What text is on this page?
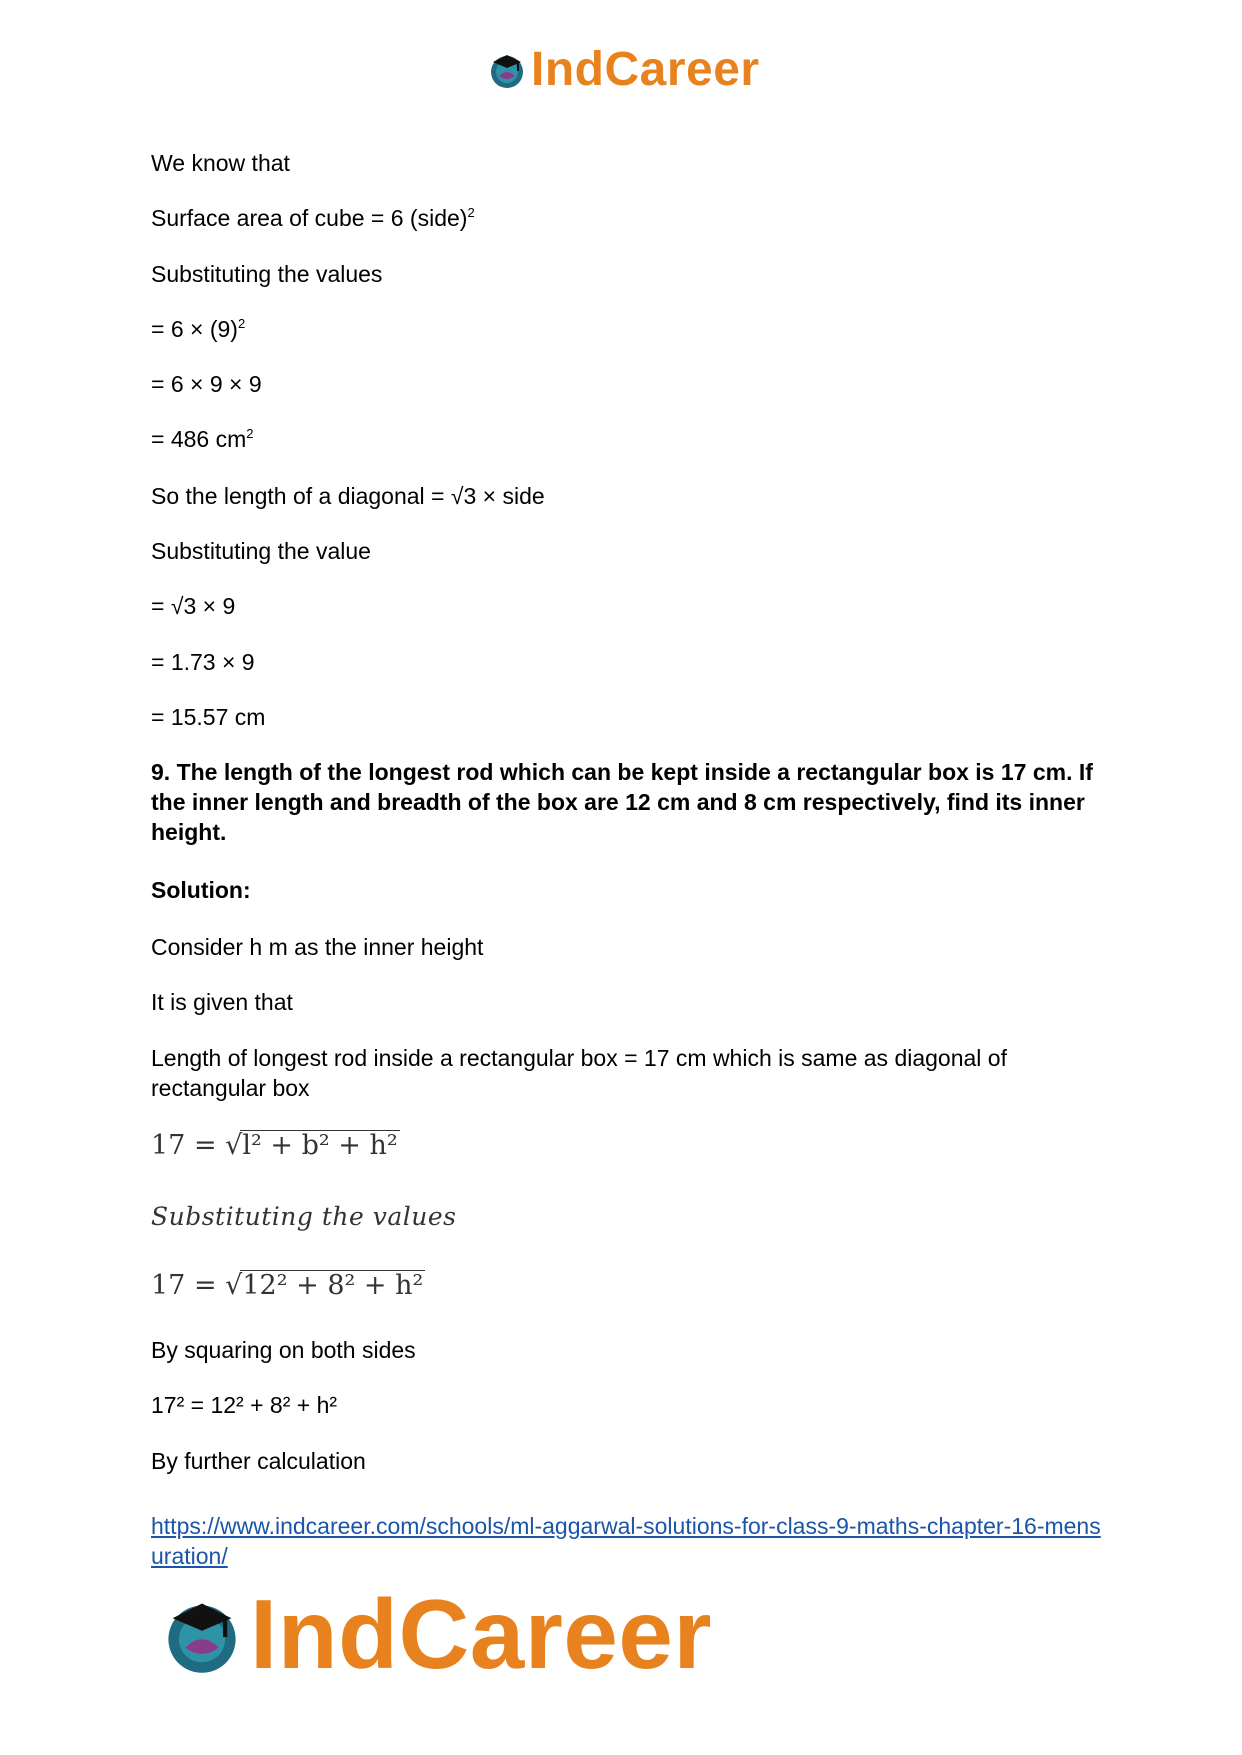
IndCareer
We know that
Surface area of cube = 6 (side)$^2$
Substituting the values
= $6 \times (9)^2$
= 6 × 9 × 9
= 486 $cm^2$
So the length of a diagonal = √3 × side
Substituting the value
= √3 × 9
= 1.73 × 9
= 15.57 cm
9. The length of the longest rod which can be kept inside a rectangular box is 17 cm. If the inner length and breadth of the box are 12 cm and 8 cm respectively, find its inner height.
Solution:
Consider h m as the inner height
It is given that
Length of longest rod inside a rectangular box = 17 cm which is same as diagonal of rectangular box
17 = √l² + b² + h²
Substituting the values
17 = √12² + 8² + h²
By squaring on both sides
17² = 12² + 8² + h²
By further calculation
https://www.indcareer.com/schools/ml-aggarwal-solutions-for-class-9-maths-chapter-16-mensuration/
IndCareer
